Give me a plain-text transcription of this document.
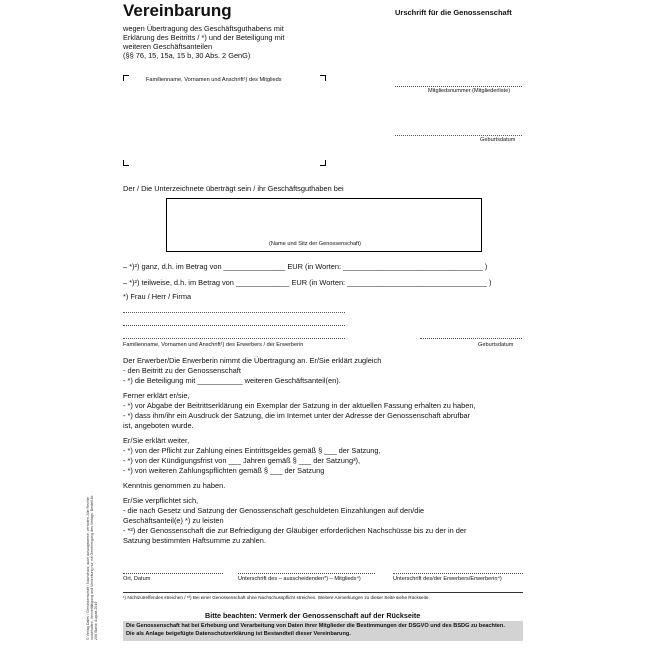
Vereinbarung	Urschrift für die Genossenschaft
wegen Übertragung des Geschäftsguthabens mit
Erklärung des Beitritts / *) und der Beteiligung mit
weiteren Geschäftsanteilen
(§§ 76, 15, 15a, 15 b, 30 Abs. 2 GenG)
Familienname, Vornamen und Anschrift¹) des Mitglieds
Mitgliedsnummer (Mitgliederliste)
Geburtsdatum
Der / Die Unterzeichnete überträgt sein / ihr Geschäftsguthaben bei
(Name und Sitz der Genossenschaft)
– *)²) ganz, d.h. im Betrag von _______________ EUR (in Worten: __________________________________ )
– *)²) teilweise, d.h. im Betrag von _____________ EUR (in Worten: __________________________________ )
*) Frau / Herr / Firma
Familienname, Vornamen und Anschrift¹) des Erwerbers / der Erwerberin	Geburtsdatum
Der Erwerber/Die Erwerberin nimmt die Übertragung an. Er/Sie erklärt zugleich
- den Beitritt zu der Genossenschaft
- *) die Beteiligung mit ___________ weiteren Geschäftsanteil(en).
Ferner erklärt er/sie,
- *) vor Abgabe der Beitrittserklärung ein Exemplar der Satzung in der aktuellen Fassung erhalten zu haben,
- *) dass ihm/ihr ein Ausdruck der Satzung, die im Internet unter der Adresse der Genossenschaft abrufbar
ist, angeboten wurde.
Er/Sie erklärt weiter,
- *) von der Pflicht zur Zahlung eines Eintrittsgeldes gemäß § ___ der Satzung,
- *) von der Kündigungsfrist von ___ Jahren gemäß § ___ der Satzung³),
- *) von weiteren Zahlungspflichten gemäß § ___ der Satzung
Kenntnis genommen zu haben.
Er/Sie verpflichtet sich,
- die nach Gesetz und Satzung der Genossenschaft geschuldeten Einzahlungen auf den/die
Geschäftsanteil(e) *) zu leisten
- *²) der Genossenschaft die zur Befriedigung der Gläubiger erforderlichen Nachschüsse bis zu der in der
Satzung bestimmten Haftsumme zu zahlen.
Ort, Datum	Unterschrift des – ausscheidenden*) – Mitglieds⁴)	Unterschrift des/der Erwerbers/Erwerberin⁴)
¹) Nichtzutreffendes streichen / *²) Bei einer Genossenschaft ohne Nachschusspflicht streichen. Weitere Anmerkungen zu dieser Seite siehe Rückseite.
Bitte beachten: Vermerk der Genossenschaft auf der Rückseite
Die Genossenschaft hat bei Erhebung und Verarbeitung von Daten ihrer Mitglieder die Bestimmungen der DSGVO und des BSDG zu beachten.
Die als Anlage beigefügte Datenschutzerklärung ist Bestandteil dieser Vereinbarung.
© Verlag Datev / Genossenschaft / Nachdruck, auch auszugsweise, verboten. Alle Rechte vorbehalten. Vervielfältigung und Verbreitung nur mit Genehmigung des Verlags. Bestell-Nr. 206 Stand: August 2019
